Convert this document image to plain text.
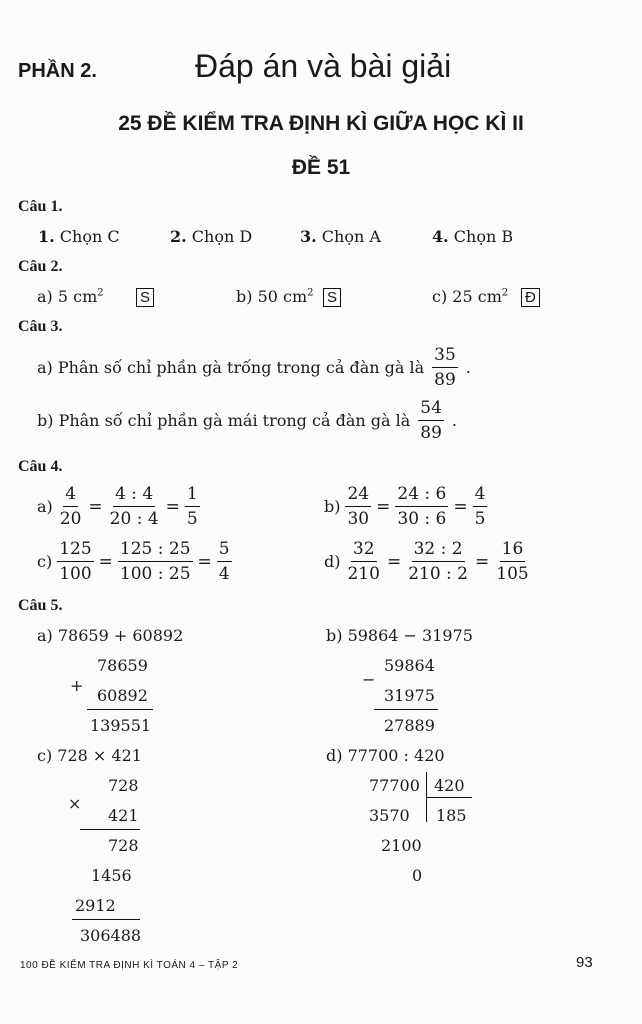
PHẦN 2.	Đáp án và bài giải
25 ĐỀ KIỂM TRA ĐỊNH KÌ GIỮA HỌC KÌ II
ĐỀ 51
Câu 1.
1. Chọn C	2. Chọn D	3. Chọn A	4. Chọn B
Câu 2.
a) 5 $cm^2$ S	b) 50 $cm^2$ S	c) 25 $cm^2$ Đ
Câu 3.
a) Phân số chỉ phần gà trống trong cả đàn gà là $\frac{35}{89}$ .
b) Phân số chỉ phần gà mái trong cả đàn gà là $\frac{54}{89}$ .
Câu 4.
$a) \frac{4}{20} = \frac{4 : 4}{20 : 4} = \frac{1}{5}$	$b) \frac{24}{30} = \frac{24 : 6}{30 : 6} = \frac{4}{5}$
$c) \frac{125}{100} = \frac{125 : 25}{100 : 25} = \frac{5}{4}$	$d) \frac{32}{210} = \frac{32 : 2}{210 : 2} = \frac{16}{105}$
Câu 5.
a) 78659 + 60892
78659
+
60892
139551
b) 59864 − 31975
59864
−
31975
27889
c) 728 × 421
728
×
421
728
1456
2912
306488
d) 77700 : 420
77700 420
3570 185
2100
0
100 ĐỀ KIỂM TRA ĐỊNH KÌ TOÁN 4 – TẬP 2	93
